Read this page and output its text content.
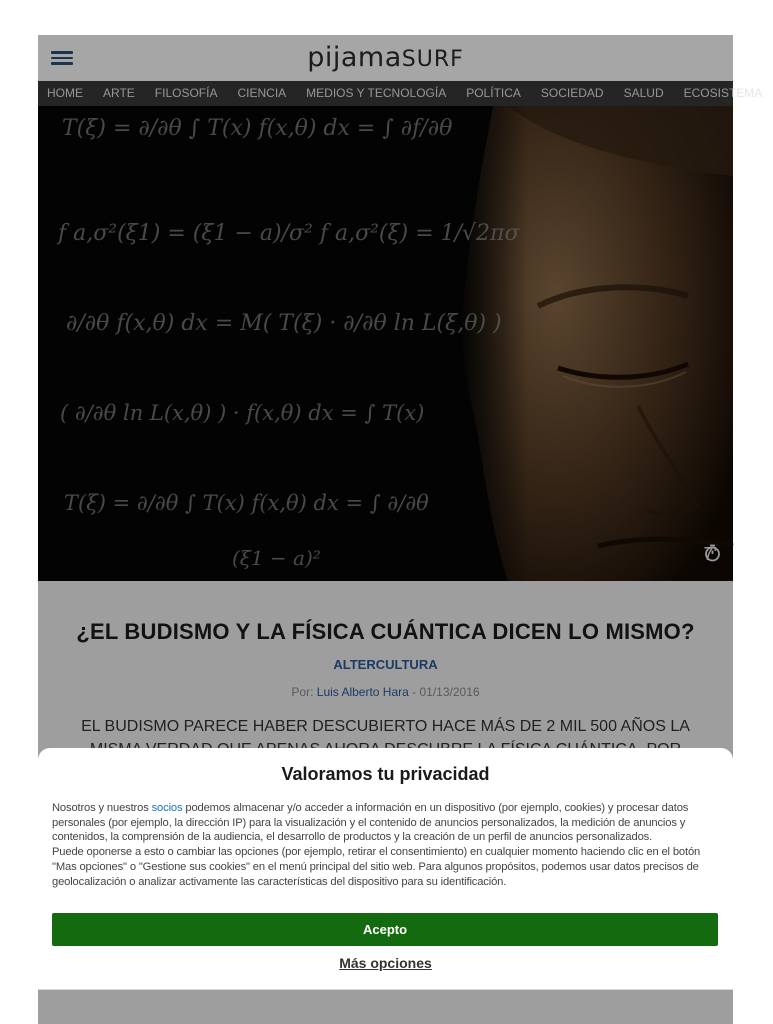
pijamaSURF
HOME ARTE FILOSOFÍA CIENCIA MEDIOS Y TECNOLOGÍA POLÍTICA SOCIEDAD SALUD ECOSISTEMA
T(ξ) = ∂/∂θ ∫ T(x) f(x,θ) dx = ∫ ∂f/∂θ
f a,σ²(ξ1) = (ξ1 − a)/σ² f a,σ²(ξ) = 1/√2πσ
∂/∂θ f(x,θ) dx = M( T(ξ) · ∂/∂θ ln L(ξ,θ) )
( ∂/∂θ ln L(x,θ) ) · f(x,θ) dx = ∫ T(x)
T(ξ) = ∂/∂θ ∫ T(x) f(x,θ) dx = ∫ ∂/∂θ
(ξ1 − a)²	7'
¿EL BUDISMO Y LA FÍSICA CUÁNTICA DICEN LO MISMO?
ALTERCULTURA
Por: Luis Alberto Hara - 01/13/2016
EL BUDISMO PARECE HABER DESCUBIERTO HACE MÁS DE 2 MIL 500 AÑOS LA
Valoramos tu privacidad
Nosotros y nuestros socios podemos almacenar y/o acceder a información en un dispositivo (por ejemplo, cookies) y procesar datos personales (por ejemplo, la dirección IP) para la visualización y el contenido de anuncios personalizados, la medición de anuncios y contenidos, la comprensión de la audiencia, el desarrollo de productos y la creación de un perfil de anuncios personalizados.
Puede oponerse a esto o cambiar las opciones (por ejemplo, retirar el consentimiento) en cualquier momento haciendo clic en el botón "Mas opciones" o "Gestione sus cookies" en el menú principal del sitio web. Para algunos propósitos, podemos usar datos precisos de geolocalización o analizar activamente las características del dispositivo para su identificación.
Acepto
Más opciones
